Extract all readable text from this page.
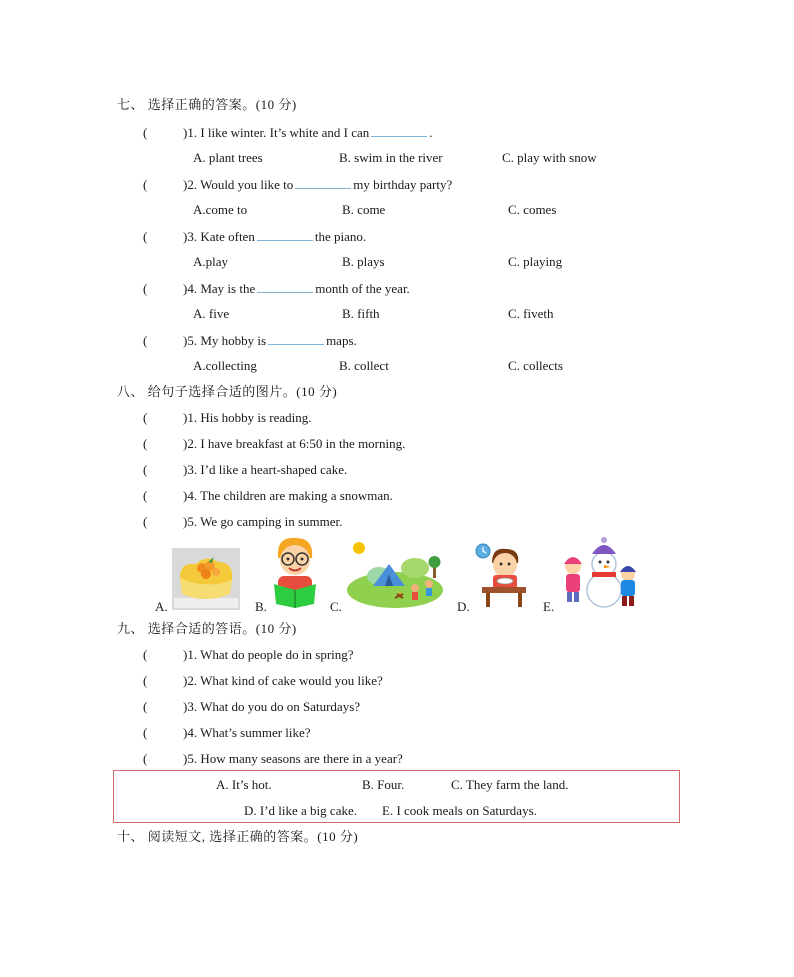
七、 选择正确的答案。(10 分)
(	)1. I like winter. It’s white and I can	.
A. plant trees	B. swim in the river	C. play with snow
(	)2. Would you like to	my birthday party?
A.come to	B. come	C. comes
(	)3. Kate often	the piano.
A.play	B. plays	C. playing
(	)4. May is the	month of the year.
A. five	B. fifth	C. fiveth
(	)5. My hobby is	maps.
A.collecting	B. collect	C. collects
八、 给句子选择合适的图片。(10 分)
(	)1. His hobby is reading.
(	)2. I have breakfast at 6:50 in the morning.
(	)3. I’d like a heart-shaped cake.
(	)4. The children are making a snowman.
(	)5. We go camping in summer.
A.	B.	C.	D.	E.
九、 选择合适的答语。(10 分)
(	)1. What do people do in spring?
(	)2. What kind of cake would you like?
(	)3. What do you do on Saturdays?
(	)4. What’s summer like?
(	)5. How many seasons are there in a year?
A. It’s hot.	B. Four.	C. They farm the land.
D. I’d like a big cake. E. I cook meals on Saturdays.
十、 阅读短文, 选择正确的答案。(10 分)
